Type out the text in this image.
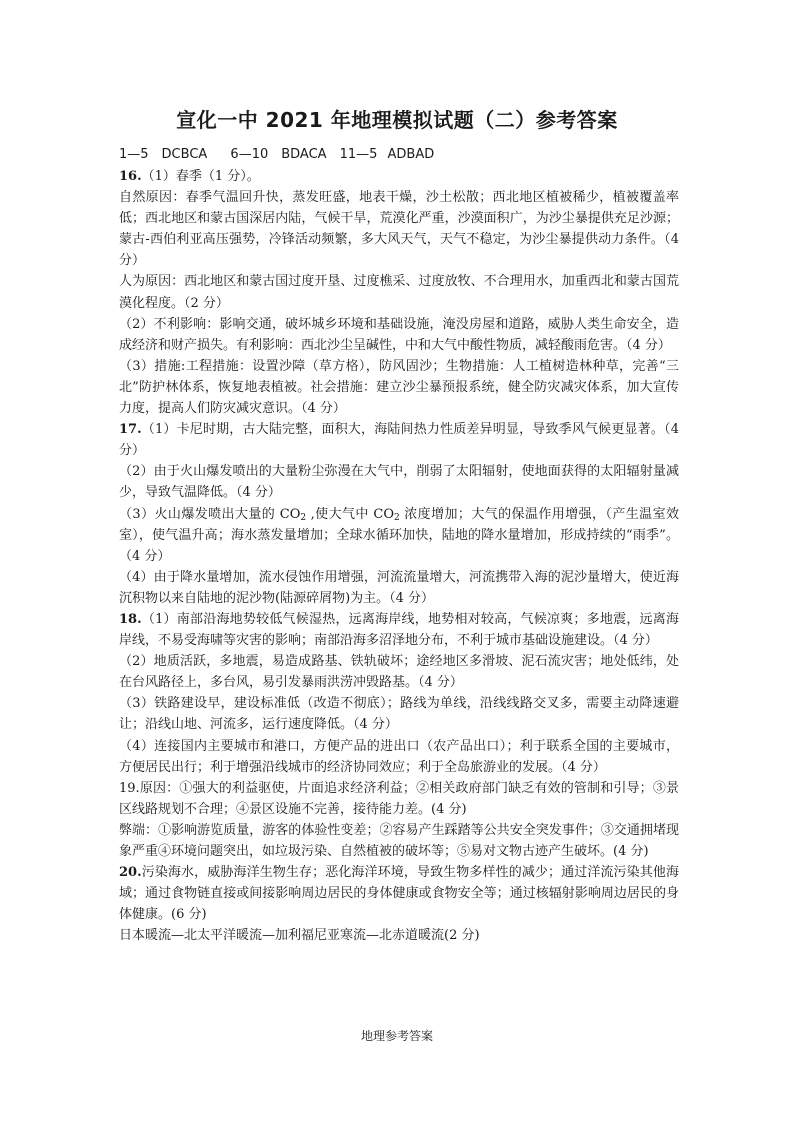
宣化一中 2021 年地理模拟试题（二）参考答案
1—5　DCBCA　 6—10　BDACA　11—5 ADBAD

16.（1）春季（1 分）。

自然原因：春季气温回升快，蒸发旺盛，地表干燥，沙土松散；西北地区植被稀少，植被覆盖率低；西北地区和蒙古国深居内陆，气候干旱，荒漠化严重，沙漠面积广，为沙尘暴提供充足沙源；蒙古-西伯利亚高压强势，冷锋活动频繁，多大风天气，天气不稳定，为沙尘暴提供动力条件。（4 分）

人为原因：西北地区和蒙古国过度开垦、过度樵采、过度放牧、不合理用水，加重西北和蒙古国荒漠化程度。（2 分）

（2）不利影响：影响交通，破坏城乡环境和基础设施，淹没房屋和道路，威胁人类生命安全，造成经济和财产损失。有利影响：西北沙尘呈碱性，中和大气中酸性物质，减轻酸雨危害。（4 分）

（3）措施:工程措施：设置沙障（草方格），防风固沙；生物措施：人工植树造林种草，完善“三北”防护林体系，恢复地表植被。社会措施：建立沙尘暴预报系统，健全防灾减灾体系，加大宣传力度，提高人们防灾减灾意识。（4 分）

17.（1）卡尼时期，古大陆完整，面积大，海陆间热力性质差异明显，导致季风气候更显著。（4 分）

（2）由于火山爆发喷出的大量粉尘弥漫在大气中，削弱了太阳辐射，使地面获得的太阳辐射量减少，导致气温降低。（4 分）

（3）火山爆发喷出大量的 $CO_2$ ,使大气中 $CO_2$ 浓度增加；大气的保温作用增强，（产生温室效室），使气温升高；海水蒸发量增加；全球水循环加快，陆地的降水量增加，形成持续的“雨季”。（4 分）

（4）由于降水量增加，流水侵蚀作用增强，河流流量增大，河流携带入海的泥沙量增大，使近海沉积物以来自陆地的泥沙物(陆源碎屑物)为主。（4 分）

18.（1）南部沿海地势较低气候湿热，远离海岸线，地势相对较高，气候凉爽；多地震，远离海岸线，不易受海啸等灾害的影响；南部沿海多沼泽地分布，不利于城市基础设施建设。（4 分）

（2）地质活跃，多地震，易造成路基、铁轨破坏；途经地区多滑坡、泥石流灾害；地处低纬，处在台风路径上，多台风，易引发暴雨洪涝冲毁路基。（4 分）

（3）铁路建设早，建设标准低（改造不彻底）；路线为单线，沿线线路交叉多，需要主动降速避让；沿线山地、河流多，运行速度降低。（4 分）

（4）连接国内主要城市和港口，方便产品的进出口（农产品出口）；利于联系全国的主要城市，方便居民出行；利于增强沿线城市的经济协同效应；利于全岛旅游业的发展。（4 分）

19.原因：①强大的利益驱使，片面追求经济利益；②相关政府部门缺乏有效的管制和引导；③景区线路规划不合理；④景区设施不完善，接待能力差。(4 分)

弊端：①影响游览质量，游客的体验性变差；②容易产生踩踏等公共安全突发事件；③交通拥堵现象严重④环境问题突出，如垃圾污染、自然植被的破坏等；⑤易对文物古迹产生破坏。(4 分)

20.污染海水，威胁海洋生物生存；恶化海洋环境，导致生物多样性的减少；通过洋流污染其他海域；通过食物链直接或间接影响周边居民的身体健康或食物安全等；通过核辐射影响周边居民的身体健康。(6 分)

日本暖流—北太平洋暖流—加利福尼亚寒流—北赤道暖流(2 分)

地理参考答案
